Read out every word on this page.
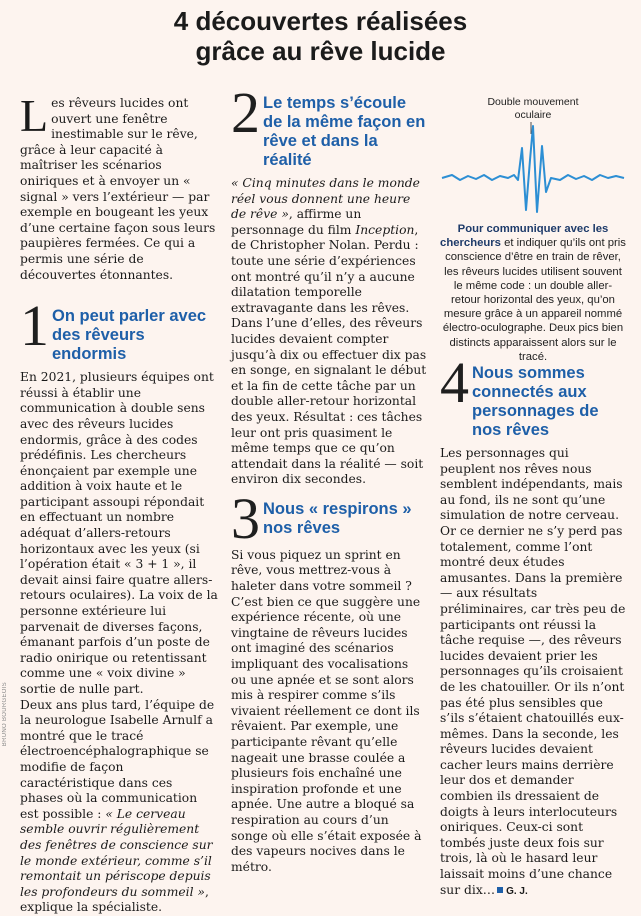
4 découvertes réalisées
grâce au rêve lucide

Les rêveurs lucides ont ouvert une fenêtre inestimable sur le rêve, grâce à leur capacité à maîtriser les scénarios oniriques et à envoyer un « signal » vers l’extérieur — par exemple en bougeant les yeux d’une certaine façon sous leurs paupières fermées. Ce qui a permis une série de découvertes étonnantes.

1 On peut parler avec des rêveurs endormis

En 2021, plusieurs équipes ont réussi à établir une communication à double sens avec des rêveurs lucides endormis, grâce à des codes prédéfinis. Les chercheurs énonçaient par exemple une addition à voix haute et le participant assoupi répondait en effectuant un nombre adéquat d’allers-retours horizontaux avec les yeux (si l’opération était « 3 + 1 », il devait ainsi faire quatre allers-retours oculaires). La voix de la personne extérieure lui parvenait de diverses façons, émanant parfois d’un poste de radio onirique ou retentissant comme une « voix divine » sortie de nulle part.

Deux ans plus tard, l’équipe de la neurologue Isabelle Arnulf a montré que le tracé électroencéphalographique se modifie de façon caractéristique dans ces phases où la communication est possible : « Le cerveau semble ouvrir régulièrement des fenêtres de conscience sur le monde extérieur, comme s’il remontait un périscope depuis les profondeurs du sommeil », explique la spécialiste.

2 Le temps s’écoule de la même façon en rêve et dans la réalité

« Cinq minutes dans le monde réel vous donnent une heure de rêve », affirme un personnage du film Inception, de Christopher Nolan. Perdu : toute une série d’expériences ont montré qu’il n’y a aucune dilatation temporelle extravagante dans les rêves.

Dans l’une d’elles, des rêveurs lucides devaient compter jusqu’à dix ou effectuer dix pas en songe, en signalant le début et la fin de cette tâche par un double aller-retour horizontal des yeux. Résultat : ces tâches leur ont pris quasiment le même temps que ce qu’on attendait dans la réalité — soit environ dix secondes.

3 Nous « respirons » nos rêves

Si vous piquez un sprint en rêve, vous mettrez-vous à haleter dans votre sommeil ? C’est bien ce que suggère une expérience récente, où une vingtaine de rêveurs lucides ont imaginé des scénarios impliquant des vocalisations ou une apnée et se sont alors mis à respirer comme s’ils vivaient réellement ce dont ils rêvaient. Par exemple, une participante rêvant qu’elle nageait une brasse coulée a plusieurs fois enchaîné une inspiration profonde et une apnée. Une autre a bloqué sa respiration au cours d’un songe où elle s’était exposée à des vapeurs nocives dans le métro.

Double mouvement
oculaire
Pour communiquer avec les chercheurs et indiquer qu’ils ont pris conscience d’être en train de rêver, les rêveurs lucides utilisent souvent le même code : un double aller-retour horizontal des yeux, qu’on mesure grâce à un appareil nommé électro-oculographe. Deux pics bien distincts apparaissent alors sur le tracé.
4 Nous sommes connectés aux personnages de nos rêves

Les personnages qui peuplent nos rêves nous semblent indépendants, mais au fond, ils ne sont qu’une simulation de notre cerveau. Or ce dernier ne s’y perd pas totalement, comme l’ont montré deux études amusantes. Dans la première — aux résultats préliminaires, car très peu de participants ont réussi la tâche requise —, des rêveurs lucides devaient prier les personnages qu’ils croisaient de les chatouiller. Or ils n’ont pas été plus sensibles que s’ils s’étaient chatouillés eux-mêmes. Dans la seconde, les rêveurs lucides devaient cacher leurs mains derrière leur dos et demander combien ils dressaient de doigts à leurs interlocuteurs oniriques. Ceux-ci sont tombés juste deux fois sur trois, là où le hasard leur laissait moins d’une chance sur dix… G. J.

BRUNO BOURGEOIS
